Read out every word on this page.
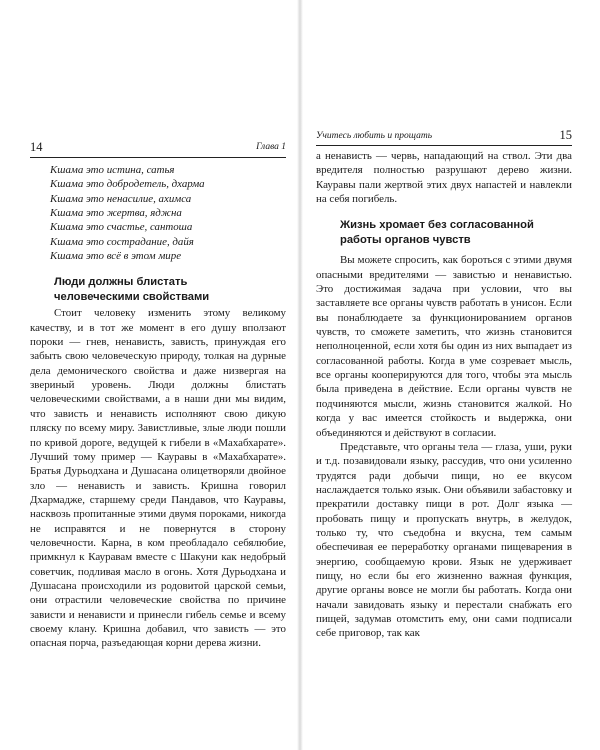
14	Глава 1
Кшама это истина, сатья
Кшама это добродетель, дхарма
Кшама это ненасилие, ахимса
Кшама это жертва, яджна
Кшама это счастье, сантоша
Кшама это сострадание, дайя
Кшама это всё в этом мире
Люди должны блистать человеческими свойствами

Стоит человеку изменить этому великому качеству, и в тот же момент в его душу вползают пороки — гнев, ненависть, зависть, принуждая его забыть свою человеческую природу, толкая на дурные дела демонического свойства и даже низвергая на звериный уровень. Люди должны блистать человеческими свойствами, а в наши дни мы видим, что зависть и ненависть исполняют свою дикую пляску по всему миру. Завистливые, злые люди пошли по кривой дороге, ведущей к гибели в «Махабхарате». Лучший тому пример — Кауравы в «Махабхарате». Братья Дурьодхана и Душасана олицетворяли двойное зло — ненависть и зависть. Кришна говорил Дхармадже, старшему среди Пандавов, что Кауравы, насквозь пропитанные этими двумя пороками, никогда не исправятся и не повернутся в сторону человечности. Карна, в ком преобладало себялюбие, примкнул к Кауравам вместе с Шакуни как недобрый советчик, подливая масло в огонь. Хотя Дурьодхана и Душасана происходили из родовитой царской семьи, они отрастили человеческие свойства по причине зависти и ненависти и принесли гибель семье и всему своему клану. Кришна добавил, что зависть — это опасная порча, разъедающая корни дерева жизни.

Учитесь любить и прощать	15

а ненависть — червь, нападающий на ствол. Эти два вредителя полностью разрушают дерево жизни. Кауравы пали жертвой этих двух напастей и навлекли на себя погибель.

Жизнь хромает без согласованной работы органов чувств

Вы можете спросить, как бороться с этими двумя опасными вредителями — завистью и ненавистью. Это достижимая задача при условии, что вы заставляете все органы чувств работать в унисон. Если вы понаблюдаете за функционированием органов чувств, то сможете заметить, что жизнь становится неполноценной, если хотя бы один из них выпадает из согласованной работы. Когда в уме созревает мысль, все органы кооперируются для того, чтобы эта мысль была приведена в действие. Если органы чувств не подчиняются мысли, жизнь становится жалкой. Но когда у вас имеется стойкость и выдержка, они объединяются и действуют в согласии.

Представьте, что органы тела — глаза, уши, руки и т.д. позавидовали языку, рассудив, что они усиленно трудятся ради добычи пищи, но ее вкусом наслаждается только язык. Они объявили забастовку и прекратили доставку пищи в рот. Долг языка — пробовать пищу и пропускать внутрь, в желудок, только ту, что съедобна и вкусна, тем самым обеспечивая ее переработку органами пищеварения в энергию, сообщаемую крови. Язык не удерживает пищу, но если бы его жизненно важная функция, другие органы вовсе не могли бы работать. Когда они начали завидовать языку и перестали снабжать его пищей, задумав отомстить ему, они сами подписали себе приговор, так как
